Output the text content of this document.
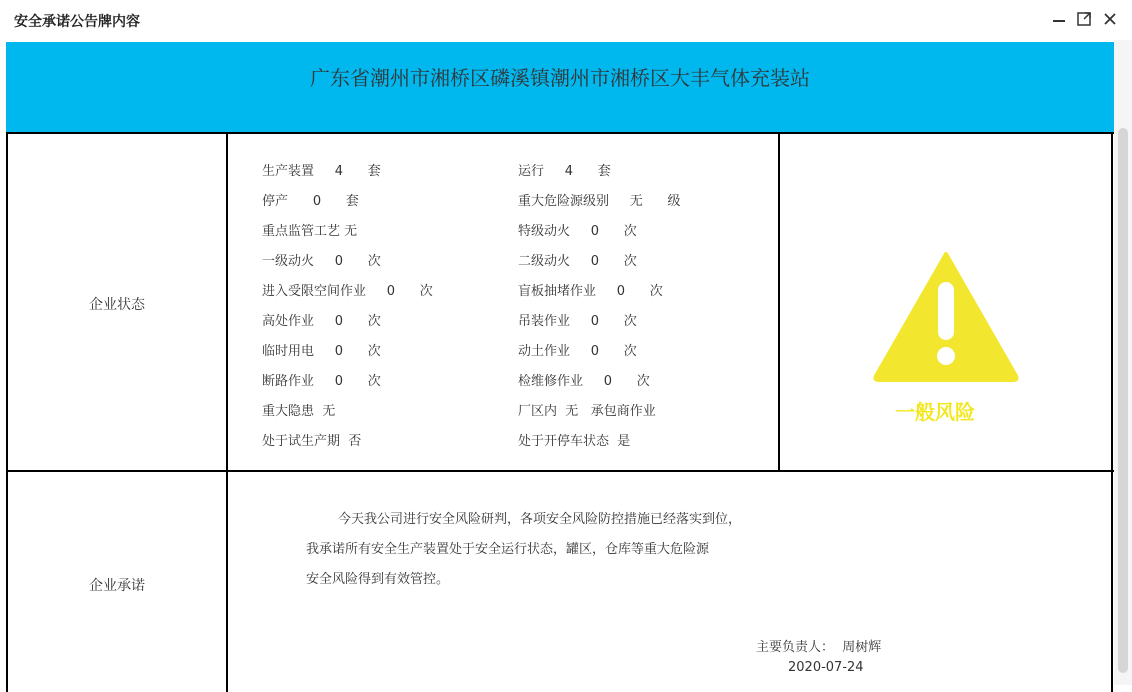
安全承诺公告牌内容
广东省潮州市湘桥区磷溪镇潮州市湘桥区大丰气体充装站
企业状态
企业承诺
生产装置 4 套
停产 0 套
重点监管工艺 无
一级动火 0 次
进入受限空间作业 0 次
高处作业 0 次
临时用电 0 次
断路作业 0 次
重大隐患 无
处于试生产期 否
运行 4 套
重大危险源级别 无 级
特级动火 0 次
二级动火 0 次
盲板抽堵作业 0 次
吊装作业 0 次
动土作业 0 次
检维修作业 0 次
厂区内 无 承包商作业
处于开停车状态 是
一般风险
今天我公司进行安全风险研判，各项安全风险防控措施已经落实到位，
我承诺所有安全生产装置处于安全运行状态，罐区，仓库等重大危险源
安全风险得到有效管控。
主要负责人： 周树辉
2020-07-24
